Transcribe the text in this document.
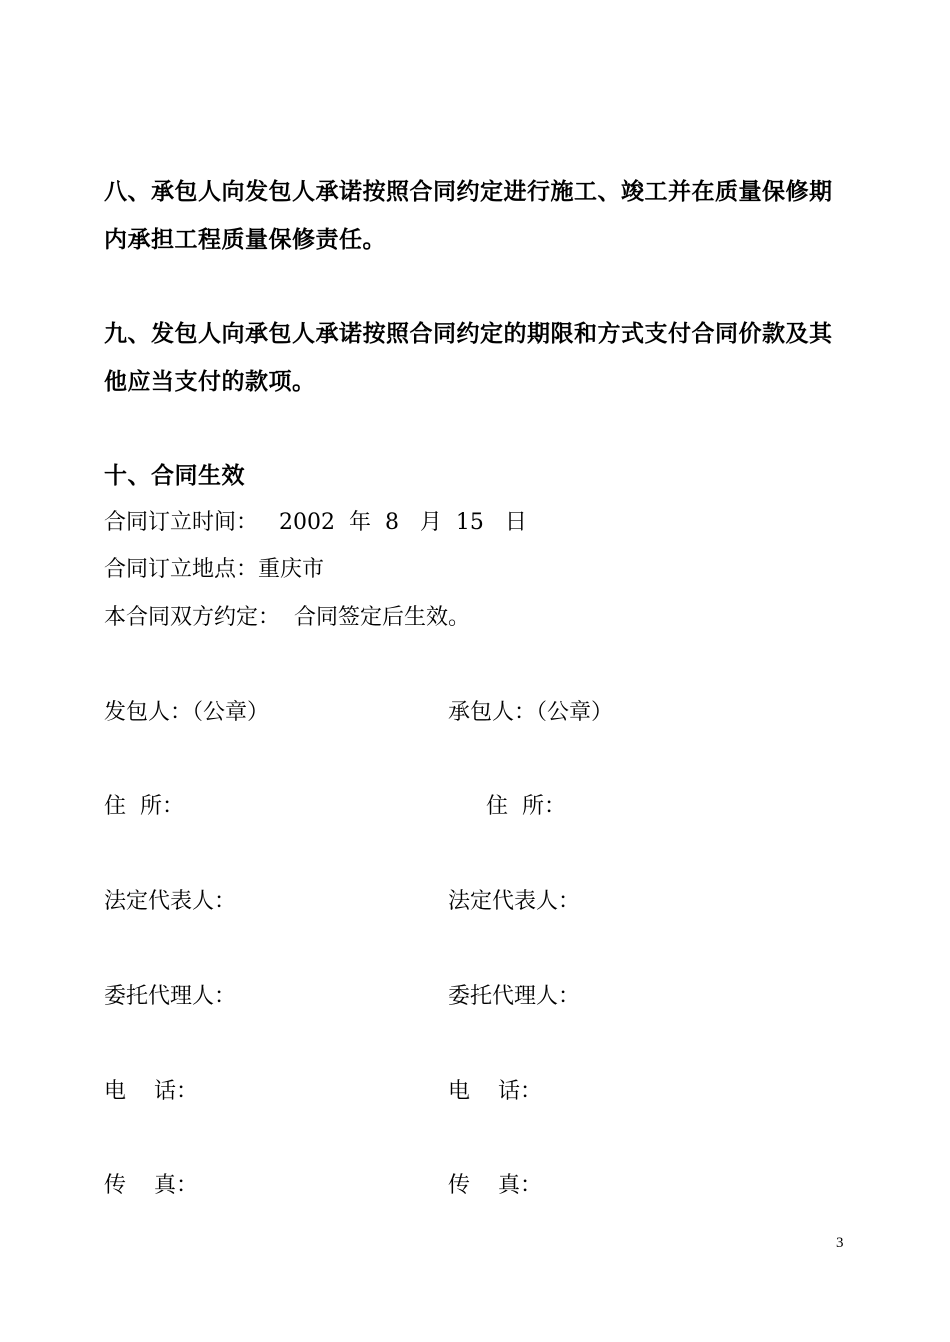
八、承包人向发包人承诺按照合同约定进行施工、竣工并在质量保修期内承担工程质量保修责任。

九、发包人向承包人承诺按照合同约定的期限和方式支付合同价款及其他应当支付的款项。

十、合同生效

合同订立时间：   2002  年  8   月  15   日

合同订立地点：重庆市

本合同双方约定：  合同签定后生效。

发包人：（公章）
住  所：
法定代表人：
委托代理人：
电    话：
传    真：
承包人：（公章）
住  所：
法定代表人：
委托代理人：
电    话：
传    真：
3
